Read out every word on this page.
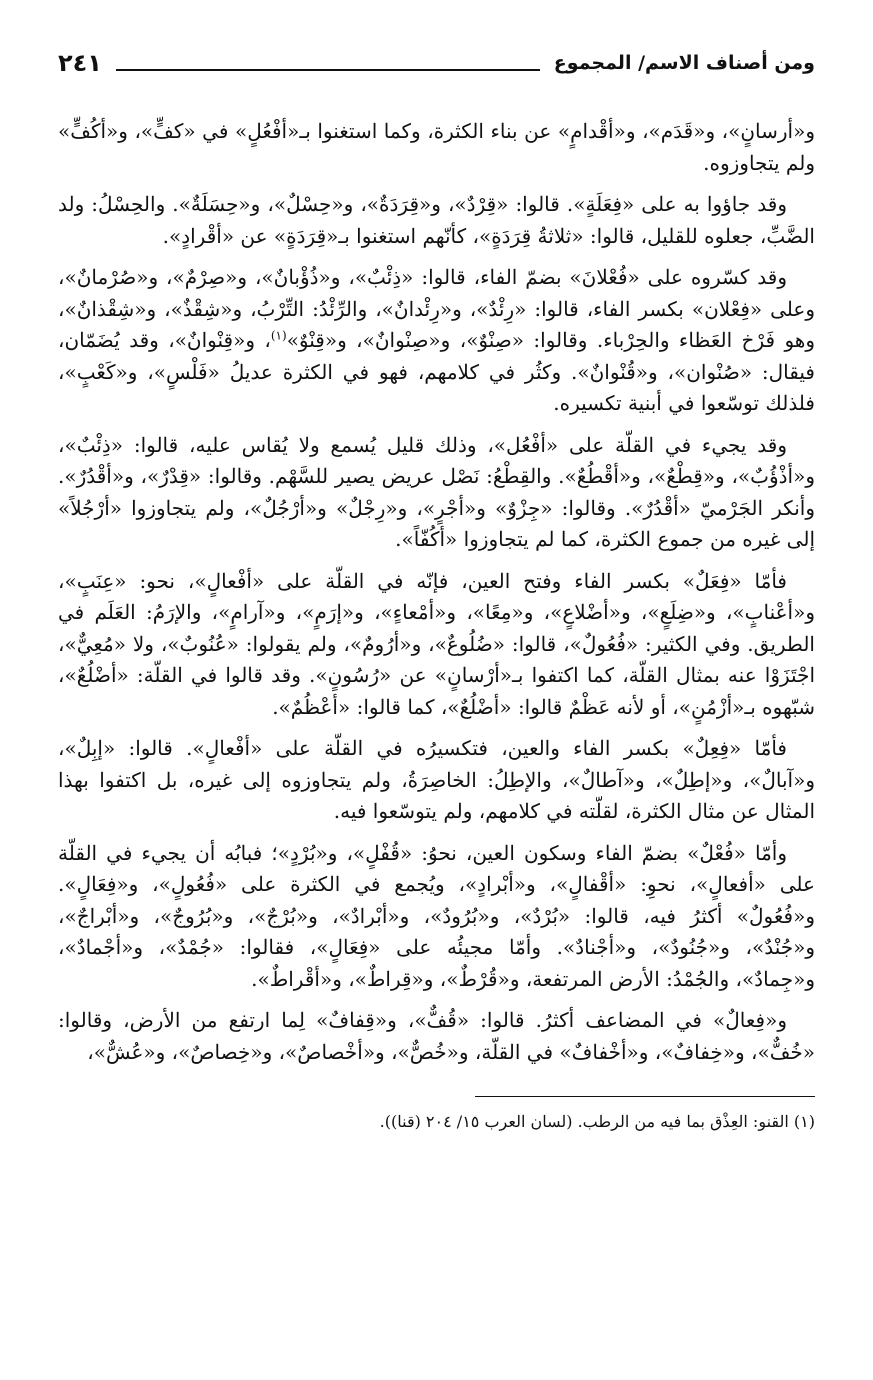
ومن أصناف الاسم/ المجموع
٢٤١

و«أرسانٍ»، و«قَدَم»، و«أقْدامٍ» عن بناء الكثرة، وكما استغنوا بـ«أفْعُلٍ» في «كفٍّ»، و«أكُفٍّ» ولم يتجاوزوه.

وقد جاؤوا به على «فِعَلَةٍ». قالوا: «قِرْدٌ»، و«قِرَدَةٌ»، و«حِسْلٌ»، و«حِسَلَةٌ». والحِسْلُ: ولد الضَّبِّ، جعلوه للقليل، قالوا: «ثلاثةُ قِرَدَةٍ»، كأنّهم استغنوا بـ«قِرَدَةٍ» عن «أقْرادٍ».

وقد كسّروه على «فُعْلانَ» بضمّ الفاء، قالوا: «ذِئْبٌ»، و«ذُؤْبانٌ»، و«صِرْمٌ»، و«صُرْمانٌ»، وعلى «فِعْلان» بكسر الفاء، قالوا: «رِئْدٌ»، و«رِئْدانٌ»، والرِّئْدُ: التِّرْبُ، و«شِقْذٌ»، و«شِقْذانٌ»، وهو فَرْخ العَظاء والحِرْباء. وقالوا: «صِنْوٌ»، و«صِنْوانٌ»، و«قِنْوٌ»$^{(١)}$، و«قِنْوانٌ»، وقد يُضَمّان، فيقال: «صُنْوان»، و«قُنْوانٌ». وكثُر في كلامهم، فهو في الكثرة عديلُ «فَلْسٍ»، و«كَعْبٍ»، فلذلك توسّعوا في أبنية تكسيره.

وقد يجيء في القلّة على «أفْعُل»، وذلك قليل يُسمع ولا يُقاس عليه، قالوا: «ذِئْبٌ»، و«أذْؤُبٌ»، و«قِطْعٌ»، و«أقْطُعٌ». والقِطْعُ: نَصْل عريض يصير للسَّهْم. وقالوا: «قِدْرٌ»، و«أقْدُرٌ». وأنكر الجَرْميّ «أقْدُرٌ». وقالوا: «جِزْوٌ» و«أجْرٍ»، و«رِجْلٌ» و«أرْجُلٌ»، ولم يتجاوزوا «أرْجُلاً» إلى غيره من جموع الكثرة، كما لم يتجاوزوا «أكُفّاً».

فأمّا «فِعَلٌ» بكسر الفاء وفتح العين، فإنّه في القلّة على «أفْعالٍ»، نحو: «عِنَبٍ»، و«أعْنابٍ»، و«ضِلَعٍ»، و«أضْلاعٍ»، و«مِعًا»، و«أمْعاءٍ»، و«إرَمٍ»، و«آرامٍ»، والإرَمُ: العَلَم في الطريق. وفي الكثير: «فُعُولٌ»، قالوا: «ضُلُوعٌ»، و«أرُومٌ»، ولم يقولوا: «عُنُوبٌ»، ولا «مُعِيٌّ»، اجْتَزَوْا عنه بمثال القلّة، كما اكتفوا بـ«أرْسانٍ» عن «رُسُونٍ». وقد قالوا في القلّة: «أضْلُعٌ»، شبّهوه بـ«أزْمُنٍ»، أو لأنه عَظْمٌ قالوا: «أضْلُعٌ»، كما قالوا: «أعْظُمٌ».

فأمّا «فِعِلٌ» بكسر الفاء والعين، فتكسيرُه في القلّة على «أفْعالٍ». قالوا: «إبِلٌ»، و«آبالٌ»، و«إطِلٌ»، و«آطالٌ»، والإطِلُ: الخاصِرَةُ، ولم يتجاوزوه إلى غيره، بل اكتفوا بهذا المثال عن مثال الكثرة، لقلّته في كلامهم، ولم يتوسّعوا فيه.

وأمّا «فُعْلٌ» بضمّ الفاء وسكون العين، نحوُ: «قُفْلٍ»، و«بُرْدٍ»؛ فبابُه أن يجيء في القلّة على «أفعالٍ»، نحوِ: «أقْفالٍ»، و«أبْرادٍ»، ويُجمع في الكثرة على «فُعُولٍ»، و«فِعَالٍ». و«فُعُولٌ» أكثرُ فيه، قالوا: «بُرْدٌ»، و«بُرُودٌ»، و«أبْرادٌ»، و«بُرْجٌ»، و«بُرُوجٌ»، و«أبْراجٌ»، و«جُنْدٌ»، و«جُنُودٌ»، و«أجْنادٌ». وأمّا مجيئُه على «فِعَالٍ»، فقالوا: «جُمْدٌ»، و«أجْمادٌ»، و«جِمادٌ»، والجُمْدُ: الأرض المرتفعة، و«قُرْطٌ»، و«قِراطٌ»، و«أقْراطٌ».

و«فِعالٌ» في المضاعف أكثرُ. قالوا: «قُفٌّ»، و«قِفافٌ» لِما ارتفع من الأرض، وقالوا: «خُفٌّ»، و«خِفافٌ»، و«أخْفافٌ» في القلّة، و«خُصٌّ»، و«أخْصاصٌ»، و«خِصاصٌ»، و«عُشٌّ»،

(١) القنو: العِذْق بما فيه من الرطب. (لسان العرب ١٥/ ٢٠٤ (قنا)).
